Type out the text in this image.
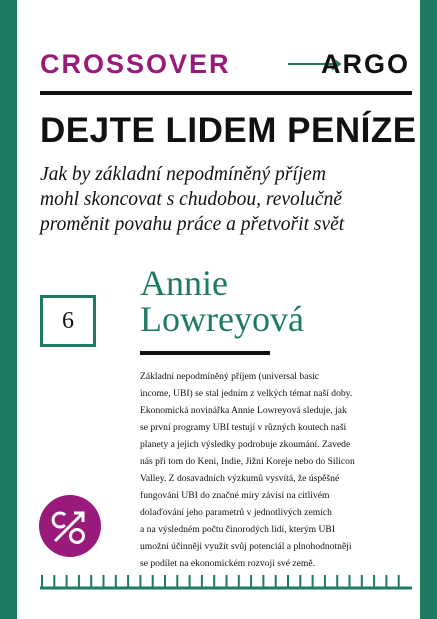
CROSSOVER	ARGO
DEJTE LIDEM PENÍZE
Jak by základní nepodmíněný příjem
mohl skoncovat s chudobou, revolučně
proměnit povahu práce a přetvořit svět
6
Annie
Lowreyová
Základní nepodmíněný příjem (universal basic
income, UBI) se stal jedním z velkých témat naší doby.
Ekonomická novinářka Annie Lowreyová sleduje, jak
se první programy UBI testují v různých koutech naší
planety a jejich výsledky podrobuje zkoumání. Zavede
nás při tom do Keni, Indie, Jižní Koreje nebo do Silicon
Valley. Z dosavadních výzkumů vysvítá, že úspěšné
fungování UBI do značné míry závisí na citlivém
dolaďování jeho parametrů v jednotlivých zemích
a na výsledném počtu činorodých lidí, kterým UBI
umožní účinněji využít svůj potenciál a plnohodnotněji
se podílet na ekonomickém rozvoji své země.
